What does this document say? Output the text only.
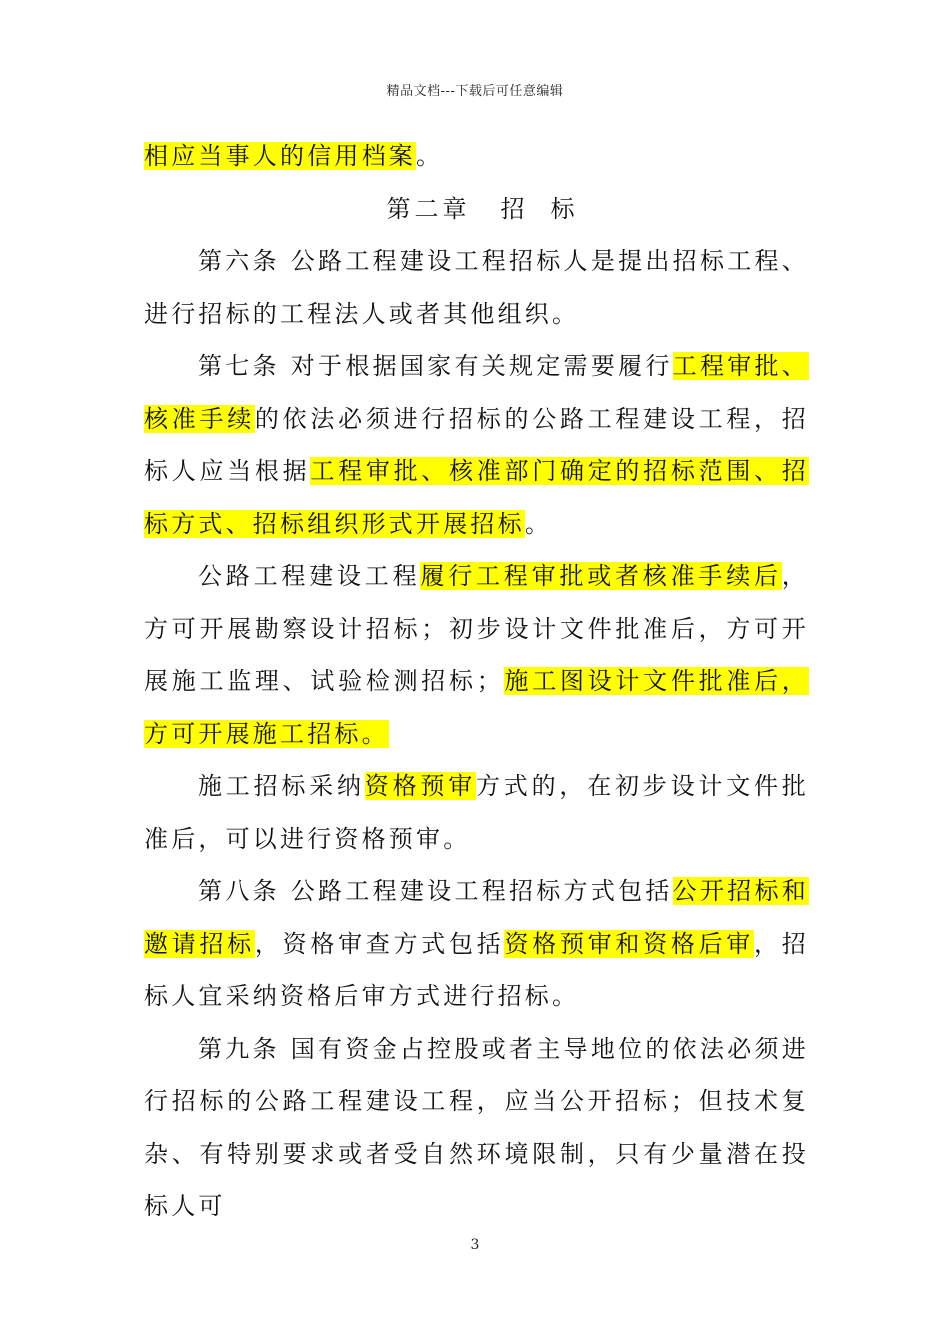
精品文档---下载后可任意编辑

相应当事人的信用档案。

第二章 招 标

第六条 公路工程建设工程招标人是提出招标工程、进行招标的工程法人或者其他组织。

第七条 对于根据国家有关规定需要履行工程审批、核准手续的依法必须进行招标的公路工程建设工程，招标人应当根据工程审批、核准部门确定的招标范围、招标方式、招标组织形式开展招标。

公路工程建设工程履行工程审批或者核准手续后，方可开展勘察设计招标；初步设计文件批准后，方可开展施工监理、试验检测招标；施工图设计文件批准后，方可开展施工招标。

施工招标采纳资格预审方式的，在初步设计文件批准后，可以进行资格预审。

第八条 公路工程建设工程招标方式包括公开招标和邀请招标，资格审查方式包括资格预审和资格后审，招标人宜采纳资格后审方式进行招标。

第九条 国有资金占控股或者主导地位的依法必须进行招标的公路工程建设工程，应当公开招标；但技术复杂、有特别要求或者受自然环境限制，只有少量潜在投标人可

3
